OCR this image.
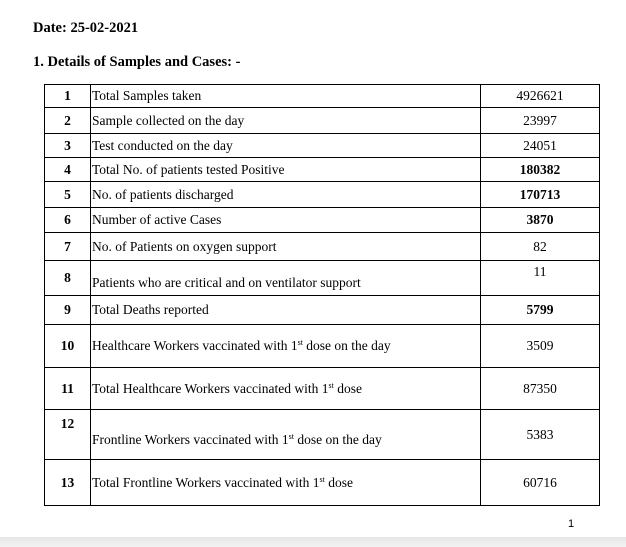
Date: 25-02-2021
1. Details of Samples and Cases: -
1	Total Samples taken	4926621
2	Sample collected on the day	23997
3	Test conducted on the day	24051
4	Total No. of patients tested Positive	180382
5	No. of patients discharged	170713
6	Number of active Cases	3870
7	No. of Patients on oxygen support	82
8	Patients who are critical and on ventilator support	11
9	Total Deaths reported	5799
10	Healthcare Workers vaccinated with 1st dose on the day	3509
11	Total Healthcare Workers vaccinated with 1st dose	87350
12	Frontline Workers vaccinated with 1st dose on the day	5383
13	Total Frontline Workers vaccinated with 1st dose	60716
1
